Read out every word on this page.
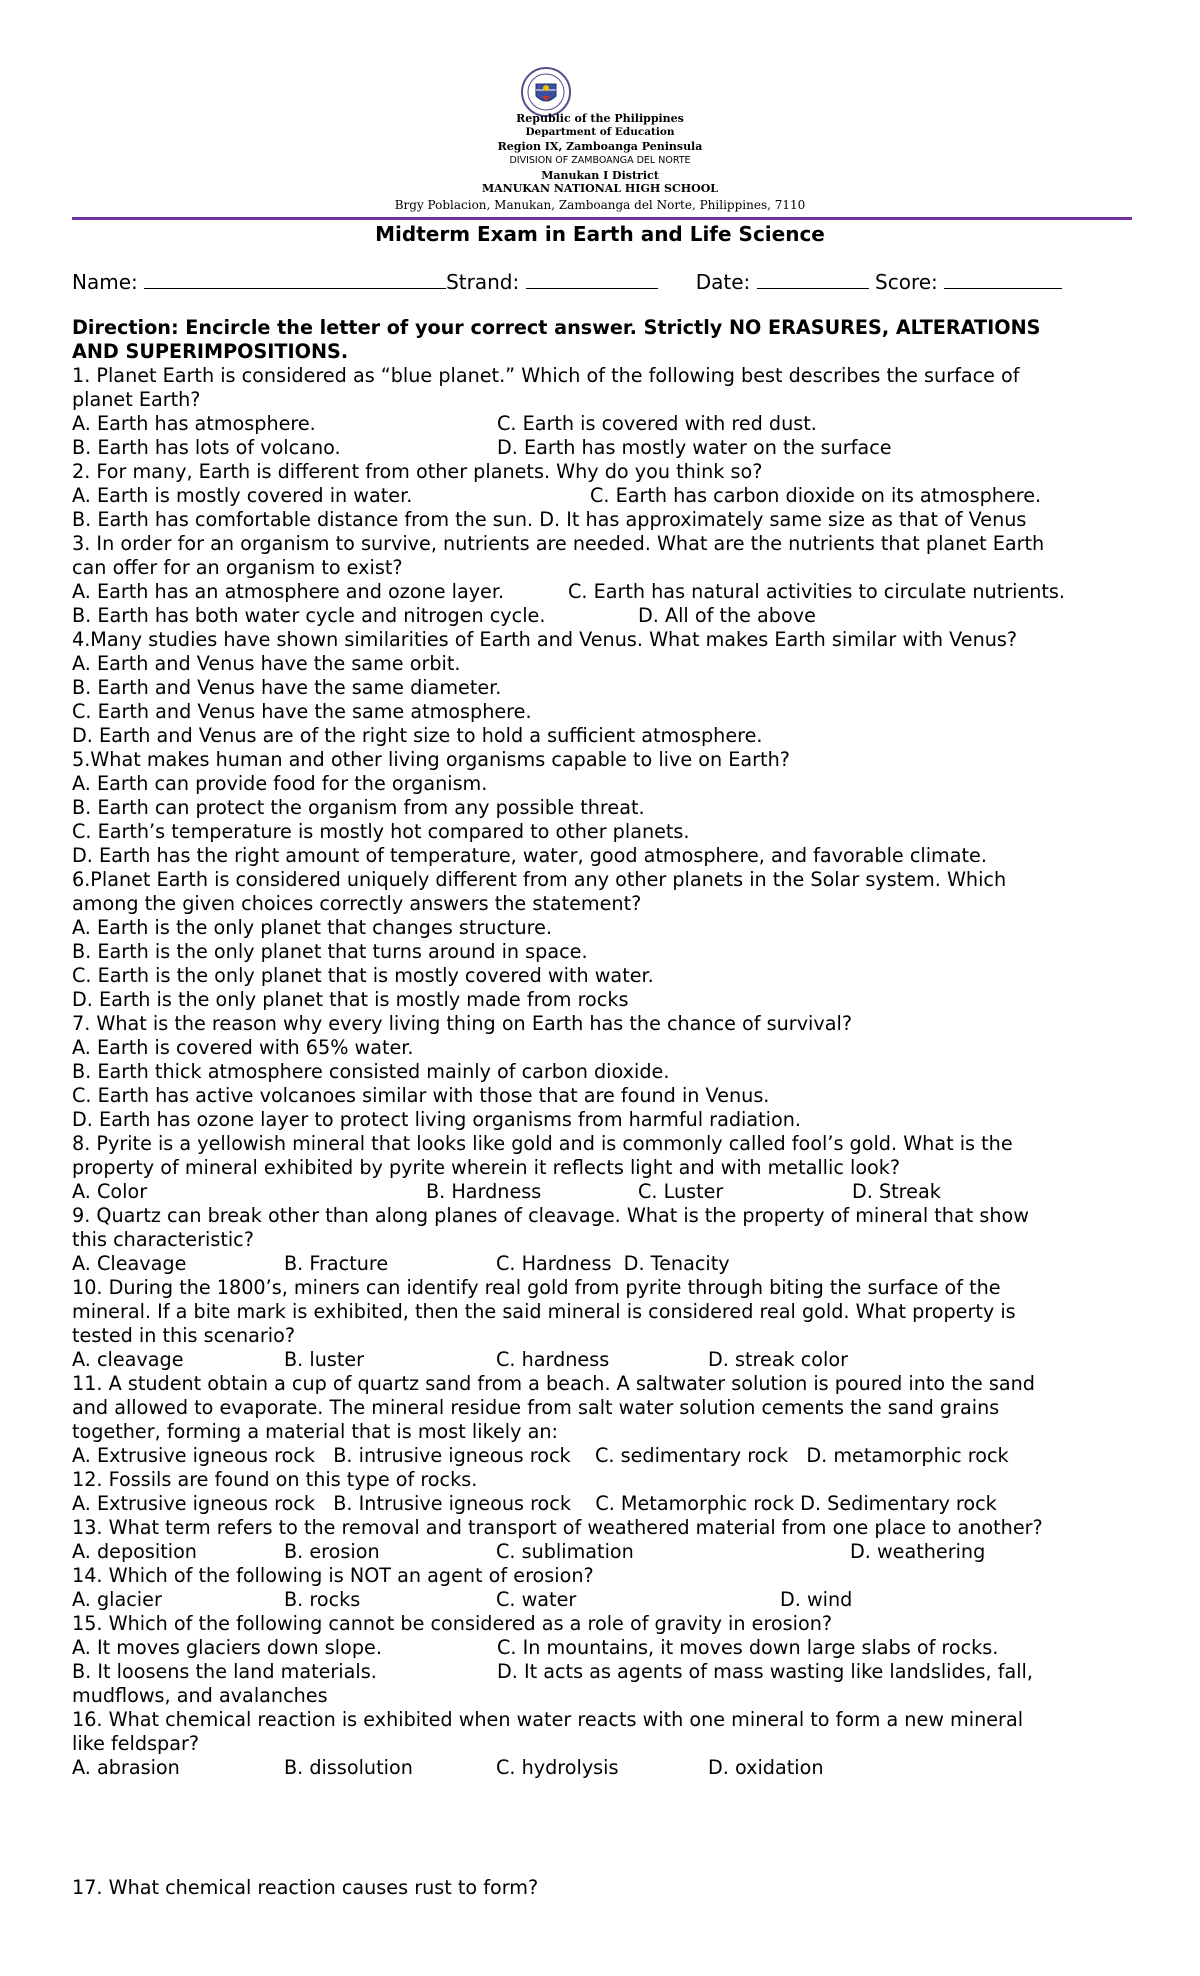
Republic of the Philippines
Department of Education
Region IX, Zamboanga Peninsula
DIVISION OF ZAMBOANGA DEL NORTE
Manukan I District
MANUKAN NATIONAL HIGH SCHOOL
Brgy Poblacion, Manukan, Zamboanga del Norte, Philippines, 7110
Midterm Exam in Earth and Life Science
Name:	Strand:	Date:	Score:
Direction: Encircle the letter of your correct answer. Strictly NO ERASURES, ALTERATIONS
AND SUPERIMPOSITIONS.
1. Planet Earth is considered as “blue planet.” Which of the following best describes the surface of
planet Earth?
A. Earth has atmosphere.	C. Earth is covered with red dust.
B. Earth has lots of volcano.	D. Earth has mostly water on the surface
2. For many, Earth is different from other planets. Why do you think so?
A. Earth is mostly covered in water.	C. Earth has carbon dioxide on its atmosphere.
B. Earth has comfortable distance from the sun. D. It has approximately same size as that of Venus
3. In order for an organism to survive, nutrients are needed. What are the nutrients that planet Earth
can offer for an organism to exist?
A. Earth has an atmosphere and ozone layer.	C. Earth has natural activities to circulate nutrients.
B. Earth has both water cycle and nitrogen cycle.	D. All of the above
4.Many studies have shown similarities of Earth and Venus. What makes Earth similar with Venus?
A. Earth and Venus have the same orbit.
B. Earth and Venus have the same diameter.
C. Earth and Venus have the same atmosphere.
D. Earth and Venus are of the right size to hold a sufficient atmosphere.
5.What makes human and other living organisms capable to live on Earth?
A. Earth can provide food for the organism.
B. Earth can protect the organism from any possible threat.
C. Earth’s temperature is mostly hot compared to other planets.
D. Earth has the right amount of temperature, water, good atmosphere, and favorable climate.
6.Planet Earth is considered uniquely different from any other planets in the Solar system. Which
among the given choices correctly answers the statement?
A. Earth is the only planet that changes structure.
B. Earth is the only planet that turns around in space.
C. Earth is the only planet that is mostly covered with water.
D. Earth is the only planet that is mostly made from rocks
7. What is the reason why every living thing on Earth has the chance of survival?
A. Earth is covered with 65% water.
B. Earth thick atmosphere consisted mainly of carbon dioxide.
C. Earth has active volcanoes similar with those that are found in Venus.
D. Earth has ozone layer to protect living organisms from harmful radiation.
8. Pyrite is a yellowish mineral that looks like gold and is commonly called fool’s gold. What is the
property of mineral exhibited by pyrite wherein it reflects light and with metallic look?
A. Color	B. Hardness	C. Luster	D. Streak
9. Quartz can break other than along planes of cleavage. What is the property of mineral that show
this characteristic?
A. Cleavage	B. Fracture	C. Hardness  D. Tenacity
10. During the 1800’s, miners can identify real gold from pyrite through biting the surface of the
mineral. If a bite mark is exhibited, then the said mineral is considered real gold. What property is
tested in this scenario?
A. cleavage	B. luster	C. hardness	D. streak color
11. A student obtain a cup of quartz sand from a beach. A saltwater solution is poured into the sand
and allowed to evaporate. The mineral residue from salt water solution cements the sand grains
together, forming a material that is most likely an:
A. Extrusive igneous rock   B. intrusive igneous rock    C. sedimentary rock   D. metamorphic rock
12. Fossils are found on this type of rocks.
A. Extrusive igneous rock   B. Intrusive igneous rock    C. Metamorphic rock D. Sedimentary rock
13. What term refers to the removal and transport of weathered material from one place to another?
A. deposition	B. erosion	C. sublimation	D. weathering
14. Which of the following is NOT an agent of erosion?
A. glacier	B. rocks	C. water	D. wind
15. Which of the following cannot be considered as a role of gravity in erosion?
A. It moves glaciers down slope.	C. In mountains, it moves down large slabs of rocks.
B. It loosens the land materials.	D. It acts as agents of mass wasting like landslides, fall,
mudflows, and avalanches
16. What chemical reaction is exhibited when water reacts with one mineral to form a new mineral
like feldspar?
A. abrasion	B. dissolution	C. hydrolysis	D. oxidation
17. What chemical reaction causes rust to form?
